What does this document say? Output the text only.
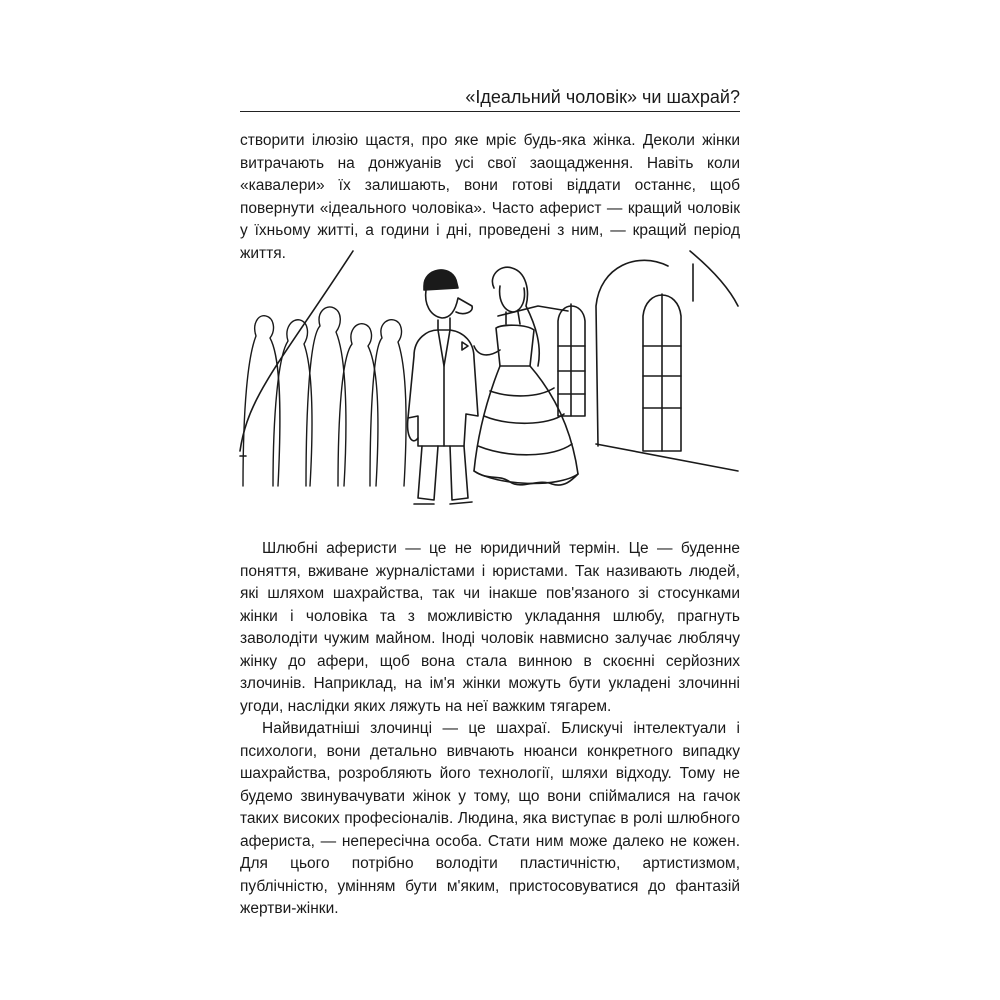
«Ідеальний чоловік» чи шахрай?

створити ілюзію щастя, про яке мріє будь-яка жінка. Деколи жінки витрачають на донжуанів усі свої заощадження. Навіть коли «кавалери» їх залишають, вони готові віддати останнє, щоб повернути «ідеального чоловіка». Часто аферист — кращий чоловік у їхньому житті, а години і дні, проведені з ним, — кращий період життя.

Шлюбні аферисти — це не юридичний термін. Це — буденне поняття, вживане журналістами і юристами. Так називають людей, які шляхом шахрайства, так чи інакше пов'язаного зі стосунками жінки і чоловіка та з можливістю укладання шлюбу, прагнуть заволодіти чужим майном. Іноді чоловік навмисно залучає люблячу жінку до афери, щоб вона стала винною в скоєнні серйозних злочинів. Наприклад, на ім'я жінки можуть бути укладені злочинні угоди, наслідки яких ляжуть на неї важким тягарем.

Найвидатніші злочинці — це шахраї. Блискучі інтелектуали і психологи, вони детально вивчають нюанси конкретного випадку шахрайства, розробляють його технології, шляхи відходу. Тому не будемо звинувачувати жінок у тому, що вони спіймалися на гачок таких високих професіоналів. Людина, яка виступає в ролі шлюбного афериста, — непересічна особа. Стати ним може далеко не кожен. Для цього потрібно володіти пластичністю, артистизмом, публічністю, умінням бути м'яким, пристосовуватися до фантазій жертви-жінки.
